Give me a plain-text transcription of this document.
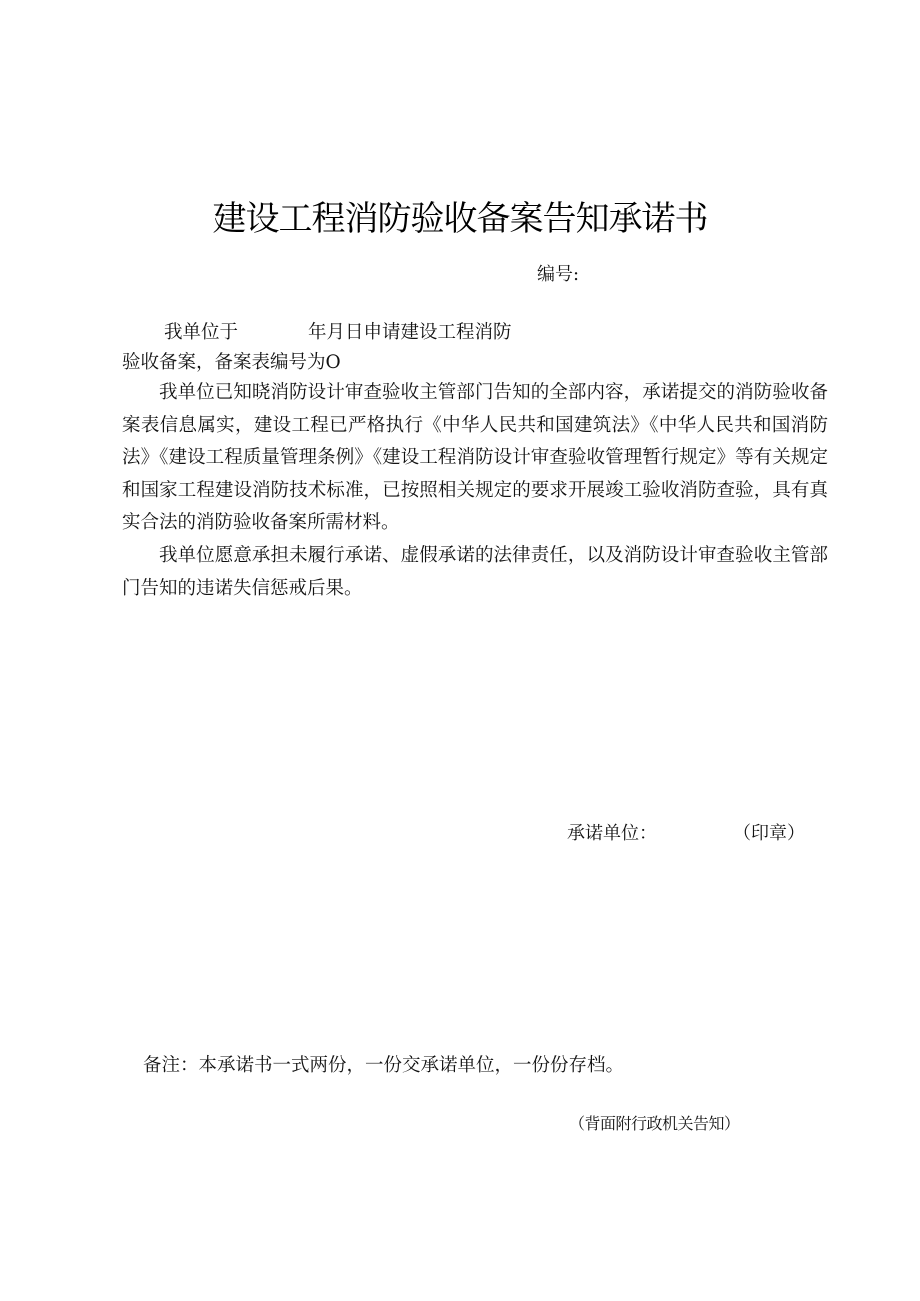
建设工程消防验收备案告知承诺书
编号:
我单位于	年月日申请建设工程消防
验收备案，备案表编号为O
我单位已知晓消防设计审查验收主管部门告知的全部内容，承诺提交的消防验收备案表信息属实，建设工程已严格执行《中华人民共和国建筑法》《中华人民共和国消防法》《建设工程质量管理条例》《建设工程消防设计审查验收管理暂行规定》等有关规定和国家工程建设消防技术标准，已按照相关规定的要求开展竣工验收消防查验，具有真实合法的消防验收备案所需材料。
我单位愿意承担未履行承诺、虚假承诺的法律责任，以及消防设计审查验收主管部门告知的违诺失信惩戒后果。
承诺单位：	（印章）
备注：本承诺书一式两份，一份交承诺单位，一份份存档。
（背面附行政机关告知）
